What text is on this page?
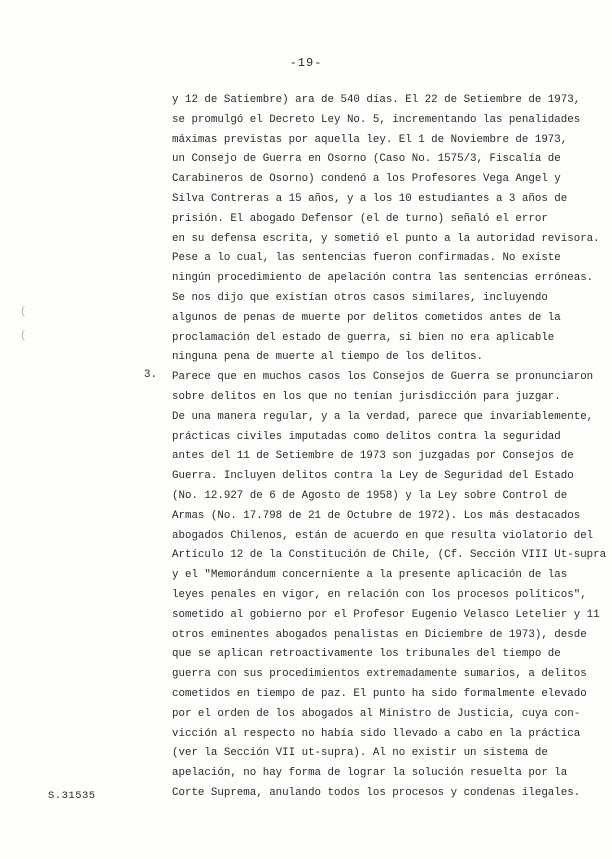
-19-
3.
y 12 de Satiembre) ara de 540 días. El 22 de Setiembre de 1973,
se promulgó el Decreto Ley No. 5, incrementando las penalidades
máximas previstas por aquella ley. El 1 de Noviembre de 1973,
un Consejo de Guerra en Osorno (Caso No. 1575/3, Fiscalía de
Carabineros de Osorno) condenó a los Profesores Vega Angel y
Silva Contreras a 15 años, y a los 10 estudiantes a 3 años de
prisión. El abogado Defensor (el de turno) señaló el error
en su defensa escrita, y sometió el punto a la autoridad revisora.
Pese a lo cual, las sentencias fueron confirmadas. No existe
ningún procedimiento de apelación contra las sentencias erróneas.
Se nos dijo que existían otros casos similares, incluyendo
algunos de penas de muerte por delitos cometidos antes de la
proclamación del estado de guerra, si bien no era aplicable
ninguna pena de muerte al tiempo de los delitos.
Parece que en muchos casos los Consejos de Guerra se pronunciaron
sobre delitos en los que no tenían jurisdicción para juzgar.
De una manera regular, y a la verdad, parece que invariablemente,
prácticas civiles imputadas como delitos contra la seguridad
antes del 11 de Setiembre de 1973 son juzgadas por Consejos de
Guerra. Incluyen delitos contra la Ley de Seguridad del Estado
(No. 12.927 de 6 de Agosto de 1958) y la Ley sobre Control de
Armas (No. 17.798 de 21 de Octubre de 1972). Los más destacados
abogados Chilenos, están de acuerdo en que resulta violatorio del
Artículo 12 de la Constitución de Chile, (Cf. Sección VIII Ut-supra
y el "Memorándum concerniente a la presente aplicación de las
leyes penales en vigor, en relación con los procesos políticos",
sometido al gobierno por el Profesor Eugenio Velasco Letelier y 11
otros eminentes abogados penalistas en Diciembre de 1973), desde
que se aplican retroactivamente los tribunales del tiempo de
guerra con sus procedimientos extremadamente sumarios, a delitos
cometidos en tiempo de paz. El punto ha sido formalmente elevado
por el orden de los abogados al Ministro de Justicia, cuya con-
vicción al respecto no había sido llevado a cabo en la práctica
(ver la Sección VII ut-supra). Al no existir un sistema de
apelación, no hay forma de lograr la solución resuelta por la
Corte Suprema, anulando todos los procesos y condenas ilegales.
S.31535
(
(
